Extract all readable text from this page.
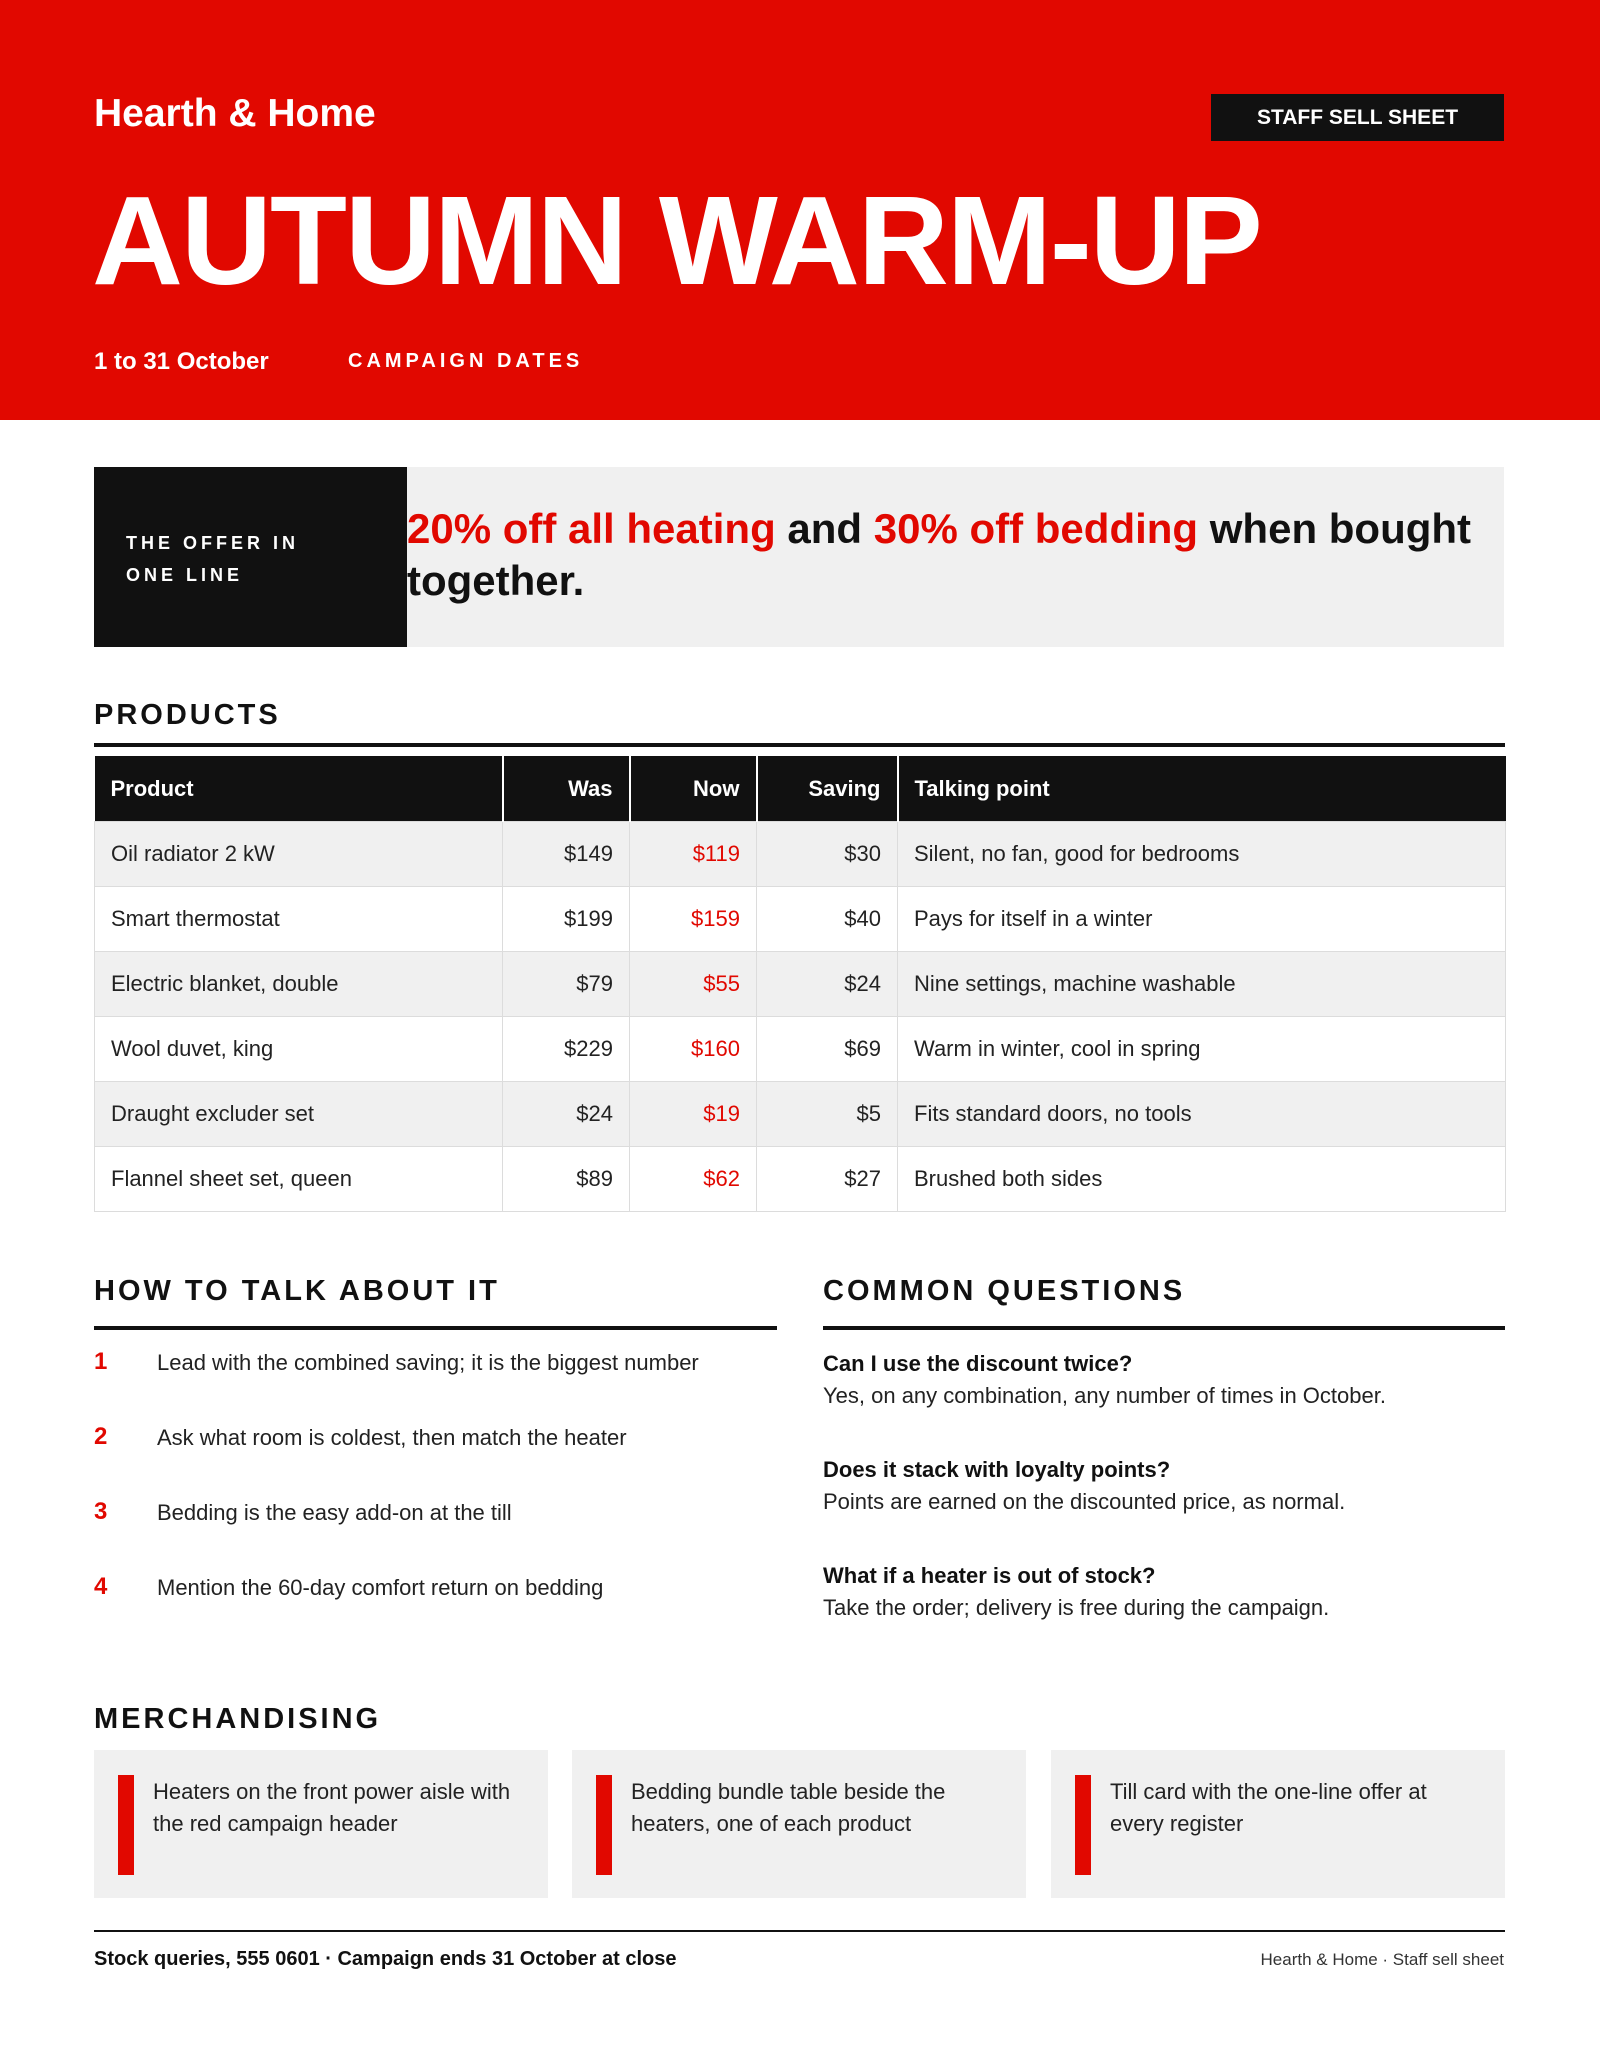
Hearth & Home	STAFF SELL SHEET
AUTUMN WARM-UP
1 to 31 October	CAMPAIGN DATES
THE OFFER IN
ONE LINE
20% off all heating and 30% off bedding when bought together.
PRODUCTS
Product	Was	Now	Saving	Talking point
Oil radiator 2 kW	$149	$119	$30	Silent, no fan, good for bedrooms
Smart thermostat	$199	$159	$40	Pays for itself in a winter
Electric blanket, double	$79	$55	$24	Nine settings, machine washable
Wool duvet, king	$229	$160	$69	Warm in winter, cool in spring
Draught excluder set	$24	$19	$5	Fits standard doors, no tools
Flannel sheet set, queen	$89	$62	$27	Brushed both sides
HOW TO TALK ABOUT IT
1 Lead with the combined saving; it is the biggest number
2 Ask what room is coldest, then match the heater
3 Bedding is the easy add-on at the till
4 Mention the 60-day comfort return on bedding
COMMON QUESTIONS
Can I use the discount twice?
Yes, on any combination, any number of times in October.
Does it stack with loyalty points?
Points are earned on the discounted price, as normal.
What if a heater is out of stock?
Take the order; delivery is free during the campaign.
MERCHANDISING
Heaters on the front power aisle with the red campaign header
Bedding bundle table beside the heaters, one of each product
Till card with the one-line offer at every register
Stock queries, 555 0601 · Campaign ends 31 October at close	Hearth & Home · Staff sell sheet
